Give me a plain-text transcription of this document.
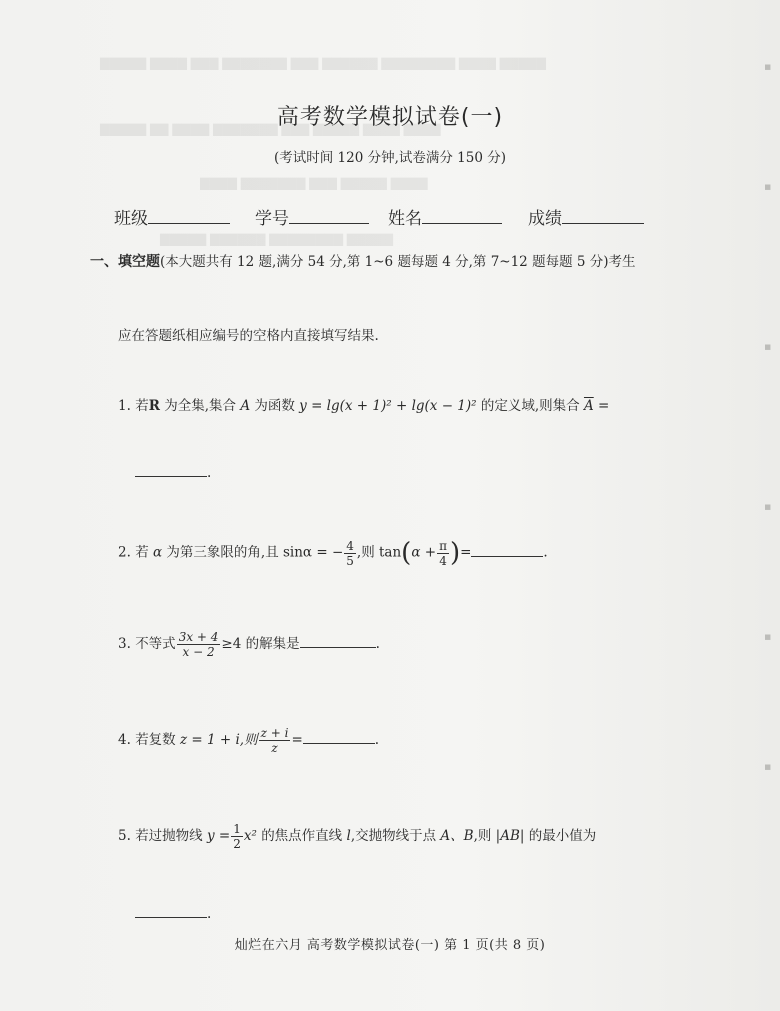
▇▇▇▇▇ ▇▇▇▇ ▇▇▇ ▇▇▇▇▇▇▇ ▇▇▇ ▇▇▇▇▇▇ ▇▇▇▇▇▇▇▇ ▇▇▇▇ ▇▇▇▇▇
▇▇▇▇▇ ▇▇ ▇▇▇▇ ▇▇▇▇▇▇▇ ▇▇▇ ▇▇▇▇▇ ▇▇▇▇ ▇▇▇▇
▇▇▇▇ ▇▇▇▇▇▇▇ ▇▇▇ ▇▇▇▇▇ ▇▇▇▇
▇▇▇▇▇ ▇▇▇▇▇▇ ▇▇▇▇▇▇▇▇ ▇▇▇▇▇
高考数学模拟试卷(一)
(考试时间 120 分钟,试卷满分 150 分)
班级	学号	姓名	成绩
一、填空题(本大题共有 12 题,满分 54 分,第 1~6 题每题 4 分,第 7~12 题每题 5 分)考生
应在答题纸相应编号的空格内直接填写结果.
1. 若R 为全集,集合 A 为函数 y = lg(x + 1)² + lg(x − 1)² 的定义域,则集合 $\overline{A}$ =
.
2. 若 α 为第三象限的角,且 sinα = − $\frac{4}{5}$ ,则 $\tan(\alpha + \frac{\pi}{4}$ )=	.
3. 不等式 $\frac{3x + 4}{x - 2} \ge 4$ 的解集是	.
4. 若复数 z = 1 + i,则 $\frac{z + i}{z}$ =	.
5. 若过抛物线 $y = \frac{1}{2} x^2$ 的焦点作直线 l,交抛物线于点 A、B,则 |AB| 的最小值为
.
灿烂在六月 高考数学模拟试卷(一) 第 1 页(共 8 页)
▪
▪
▪
▪
▪
▪
